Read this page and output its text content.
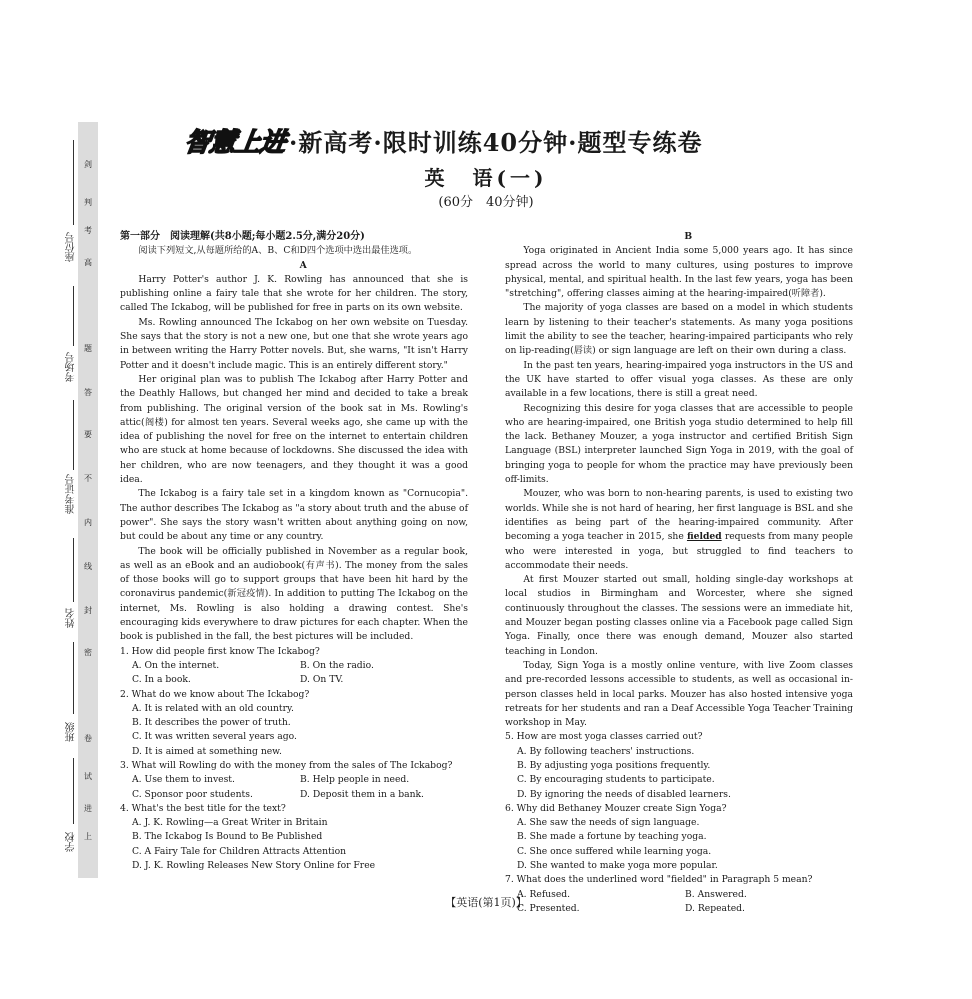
剑
判
考
高
题
答
要
不
内
线
封
密
卷
试
进
上
座位号
考场号
准考证号
姓名
班级
学校
智慧上进 ·新高考·限时训练40分钟·题型专练卷
英　语(一)
(60分　40分钟)

第一部分　阅读理解(共8小题;每小题2.5分,满分20分)

阅读下列短文,从每题所给的A、B、C和D四个选项中选出最佳选项。

A

Harry Potter's author J. K. Rowling has announced that she is publishing online a fairy tale that she wrote for her children. The story, called The Ickabog, will be published for free in parts on its own website.

Ms. Rowling announced The Ickabog on her own website on Tuesday. She says that the story is not a new one, but one that she wrote years ago in between writing the Harry Potter novels. But, she warns, "It isn't Harry Potter and it doesn't include magic. This is an entirely different story."

Her original plan was to publish The Ickabog after Harry Potter and the Deathly Hallows, but changed her mind and decided to take a break from publishing. The original version of the book sat in Ms. Rowling's attic(阁楼) for almost ten years. Several weeks ago, she came up with the idea of publishing the novel for free on the internet to entertain children who are stuck at home because of lockdowns. She discussed the idea with her children, who are now teenagers, and they thought it was a good idea.

The Ickabog is a fairy tale set in a kingdom known as "Cornucopia". The author describes The Ickabog as "a story about truth and the abuse of power". She says the story wasn't written about anything going on now, but could be about any time or any country.

The book will be officially published in November as a regular book, as well as an eBook and an audiobook(有声书). The money from the sales of those books will go to support groups that have been hit hard by the coronavirus pandemic(新冠疫情). In addition to putting The Ickabog on the internet, Ms. Rowling is also holding a drawing contest. She's encouraging kids everywhere to draw pictures for each chapter. When the book is published in the fall, the best pictures will be included.

1. How did people first know The Ickabog?
A. On the internet.	B. On the radio.
C. In a book.	D. On TV.
2. What do we know about The Ickabog?
A. It is related with an old country.
B. It describes the power of truth.
C. It was written several years ago.
D. It is aimed at something new.
3. What will Rowling do with the money from the sales of The Ickabog?
A. Use them to invest.	B. Help people in need.
C. Sponsor poor students.	D. Deposit them in a bank.
4. What's the best title for the text?
A. J. K. Rowling—a Great Writer in Britain
B. The Ickabog Is Bound to Be Published
C. A Fairy Tale for Children Attracts Attention
D. J. K. Rowling Releases New Story Online for Free

B

Yoga originated in Ancient India some 5,000 years ago. It has since spread across the world to many cultures, using postures to improve physical, mental, and spiritual health. In the last few years, yoga has been "stretching", offering classes aiming at the hearing-impaired(听障者).

The majority of yoga classes are based on a model in which students learn by listening to their teacher's statements. As many yoga positions limit the ability to see the teacher, hearing-impaired participants who rely on lip-reading(唇读) or sign language are left on their own during a class.

In the past ten years, hearing-impaired yoga instructors in the US and the UK have started to offer visual yoga classes. As these are only available in a few locations, there is still a great need.

Recognizing this desire for yoga classes that are accessible to people who are hearing-impaired, one British yoga studio determined to help fill the lack. Bethaney Mouzer, a yoga instructor and certified British Sign Language (BSL) interpreter launched Sign Yoga in 2019, with the goal of bringing yoga to people for whom the practice may have previously been off-limits.

Mouzer, who was born to non-hearing parents, is used to existing two worlds. While she is not hard of hearing, her first language is BSL and she identifies as being part of the hearing-impaired community. After becoming a yoga teacher in 2015, she fielded requests from many people who were interested in yoga, but struggled to find teachers to accommodate their needs.

At first Mouzer started out small, holding single-day workshops at local studios in Birmingham and Worcester, where she signed continuously throughout the classes. The sessions were an immediate hit, and Mouzer began posting classes online via a Facebook page called Sign Yoga. Finally, once there was enough demand, Mouzer also started teaching in London.

Today, Sign Yoga is a mostly online venture, with live Zoom classes and pre-recorded lessons accessible to students, as well as occasional in-person classes held in local parks. Mouzer has also hosted intensive yoga retreats for her students and ran a Deaf Accessible Yoga Teacher Training workshop in May.

5. How are most yoga classes carried out?
A. By following teachers' instructions.
B. By adjusting yoga positions frequently.
C. By encouraging students to participate.
D. By ignoring the needs of disabled learners.
6. Why did Bethaney Mouzer create Sign Yoga?
A. She saw the needs of sign language.
B. She made a fortune by teaching yoga.
C. She once suffered while learning yoga.
D. She wanted to make yoga more popular.
7. What does the underlined word "fielded" in Paragraph 5 mean?
A. Refused.	B. Answered.
C. Presented.	D. Repeated.
【英语(第1页)】
